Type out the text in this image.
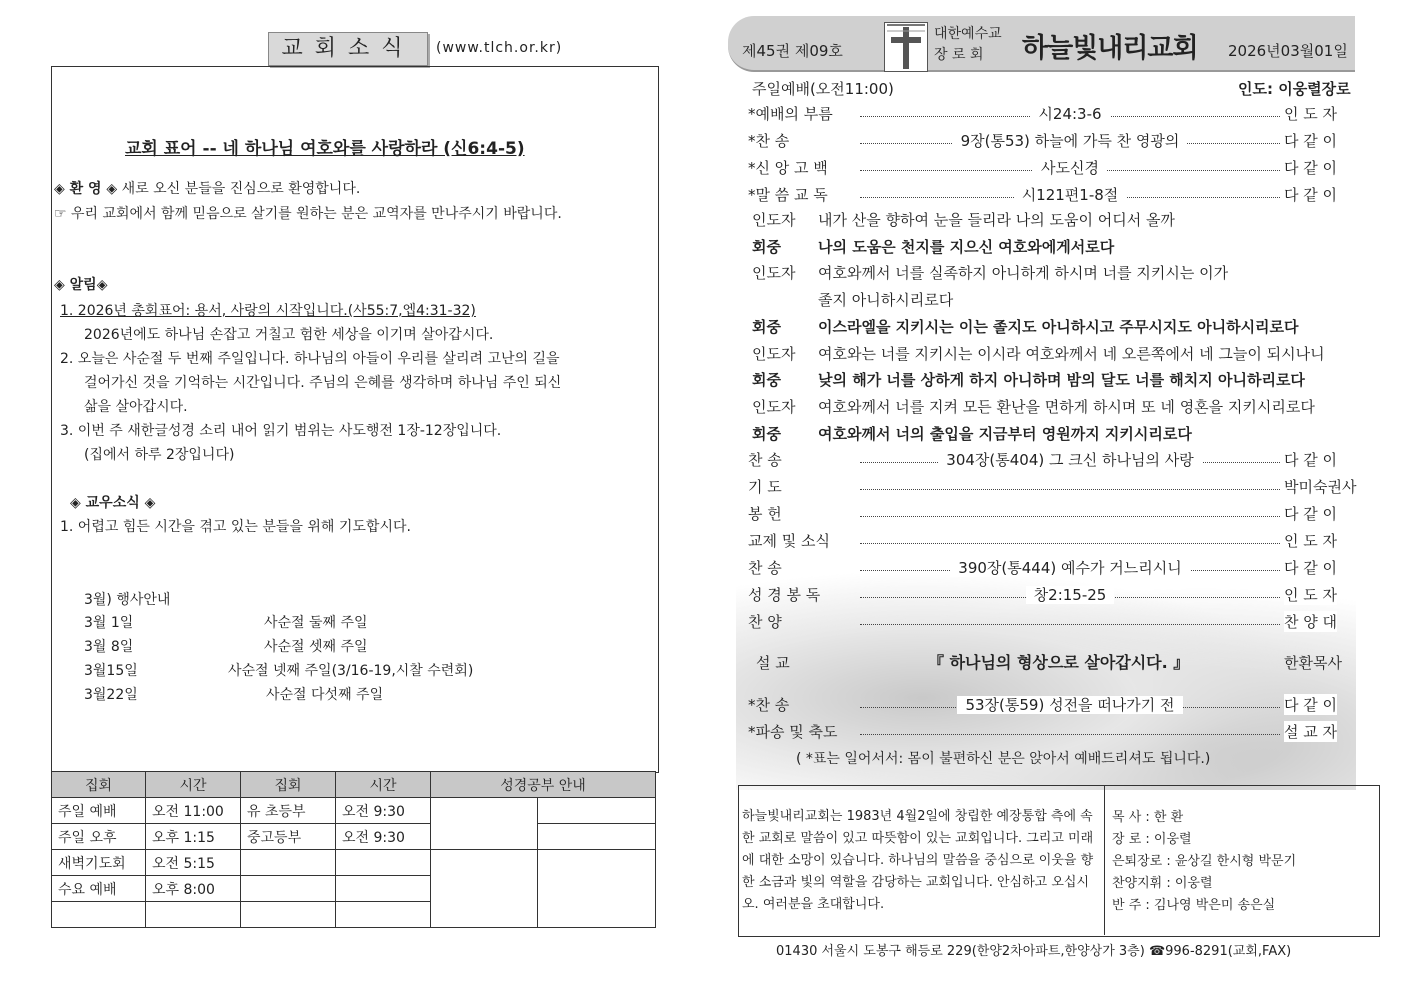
교회소식	(www.tlch.or.kr)
교회 표어 -- 네 하나님 여호와를 사랑하라 (신6:4-5)
◈ 환 영 ◈ 새로 오신 분들을 진심으로 환영합니다.
☞ 우리 교회에서 함께 믿음으로 살기를 원하는 분은 교역자를 만나주시기 바랍니다.
◈ 알림◈
1. 2026년 총회표어: 용서, 사랑의 시작입니다.(사55:7,엡4:31-32)
2026년에도 하나님 손잡고 거칠고 험한 세상을 이기며 살아갑시다.
2. 오늘은 사순절 두 번째 주일입니다. 하나님의 아들이 우리를 살리려 고난의 길을
걸어가신 것을 기억하는 시간입니다. 주님의 은혜를 생각하며 하나님 주인 되신
삶을 살아갑시다.
3. 이번 주 새한글성경 소리 내어 읽기 범위는 사도행전 1장-12장입니다.
(집에서 하루 2장입니다)
◈ 교우소식 ◈
1. 어렵고 힘든 시간을 겪고 있는 분들을 위해 기도합시다.
3월) 행사안내
3월 1일	사순절 둘째 주일
3월 8일	사순절 셋째 주일
3월15일	사순절 넷째 주일(3/16-19,시찰 수련회)
3월22일	사순절 다섯째 주일
집회	시간	집회	시간	성경공부 안내	
주일 예배	오전 11:00	유 초등부	오전 9:30		
주일 오후	오후 1:15	중고등부	오전 9:30		
새벽기도회	오전 5:15				
수요 예배	오후 8:00				

제45권 제09호
대한예수교
장 로 회	하늘빛내리교회 2026년03월01일
주일예배(오전11:00)	인도: 이웅렬장로
*예배의 부름	시24:3-6	인 도 자
*찬 송	9장(통53) 하늘에 가득 찬 영광의	다 같 이
*신 앙 고 백	사도신경	다 같 이
*말 씀 교 독	시121편1-8절	다 같 이
인도자 내가 산을 향하여 눈을 들리라 나의 도움이 어디서 올까
회중 나의 도움은 천지를 지으신 여호와에게서로다
인도자 여호와께서 너를 실족하지 아니하게 하시며 너를 지키시는 이가
졸지 아니하시리로다
회중 이스라엘을 지키시는 이는 졸지도 아니하시고 주무시지도 아니하시리로다
인도자 여호와는 너를 지키시는 이시라 여호와께서 네 오른쪽에서 네 그늘이 되시나니
회중 낮의 해가 너를 상하게 하지 아니하며 밤의 달도 너를 해치지 아니하리로다
인도자 여호와께서 너를 지켜 모든 환난을 면하게 하시며 또 네 영혼을 지키시리로다
회중 여호와께서 너의 출입을 지금부터 영원까지 지키시리로다
찬 송	304장(통404) 그 크신 하나님의 사랑	다 같 이
기 도	박미숙권사
봉 헌	다 같 이
교제 및 소식	인 도 자
찬 송	390장(통444) 예수가 거느리시니	다 같 이
성 경 봉 독	창2:15-25	인 도 자
찬 양	찬 양 대
설 교	『 하나님의 형상으로 살아갑시다. 』	한환목사
*찬 송	53장(통59) 성전을 떠나가기 전	다 같 이
*파송 및 축도	설 교 자
( *표는 일어서서: 몸이 불편하신 분은 앉아서 예배드리셔도 됩니다.)
하늘빛내리교회는 1983년 4월2일에 창립한 예장통합 측에 속한 교회로 말씀이 있고 따뜻함이 있는 교회입니다. 그리고 미래에 대한 소망이 있습니다. 하나님의 말씀을 중심으로 이웃을 향한 소금과 빛의 역할을 감당하는 교회입니다. 안심하고 오십시오. 여러분을 초대합니다.
목 사 : 한 환
장 로 : 이웅렬
은퇴장로 : 윤상길 한시형 박문기
찬양지휘 : 이웅렬
반 주 : 김나영 박은미 송은실
01430 서울시 도봉구 해등로 229(한양2차아파트,한양상가 3층) ☎996-8291(교회,FAX)
